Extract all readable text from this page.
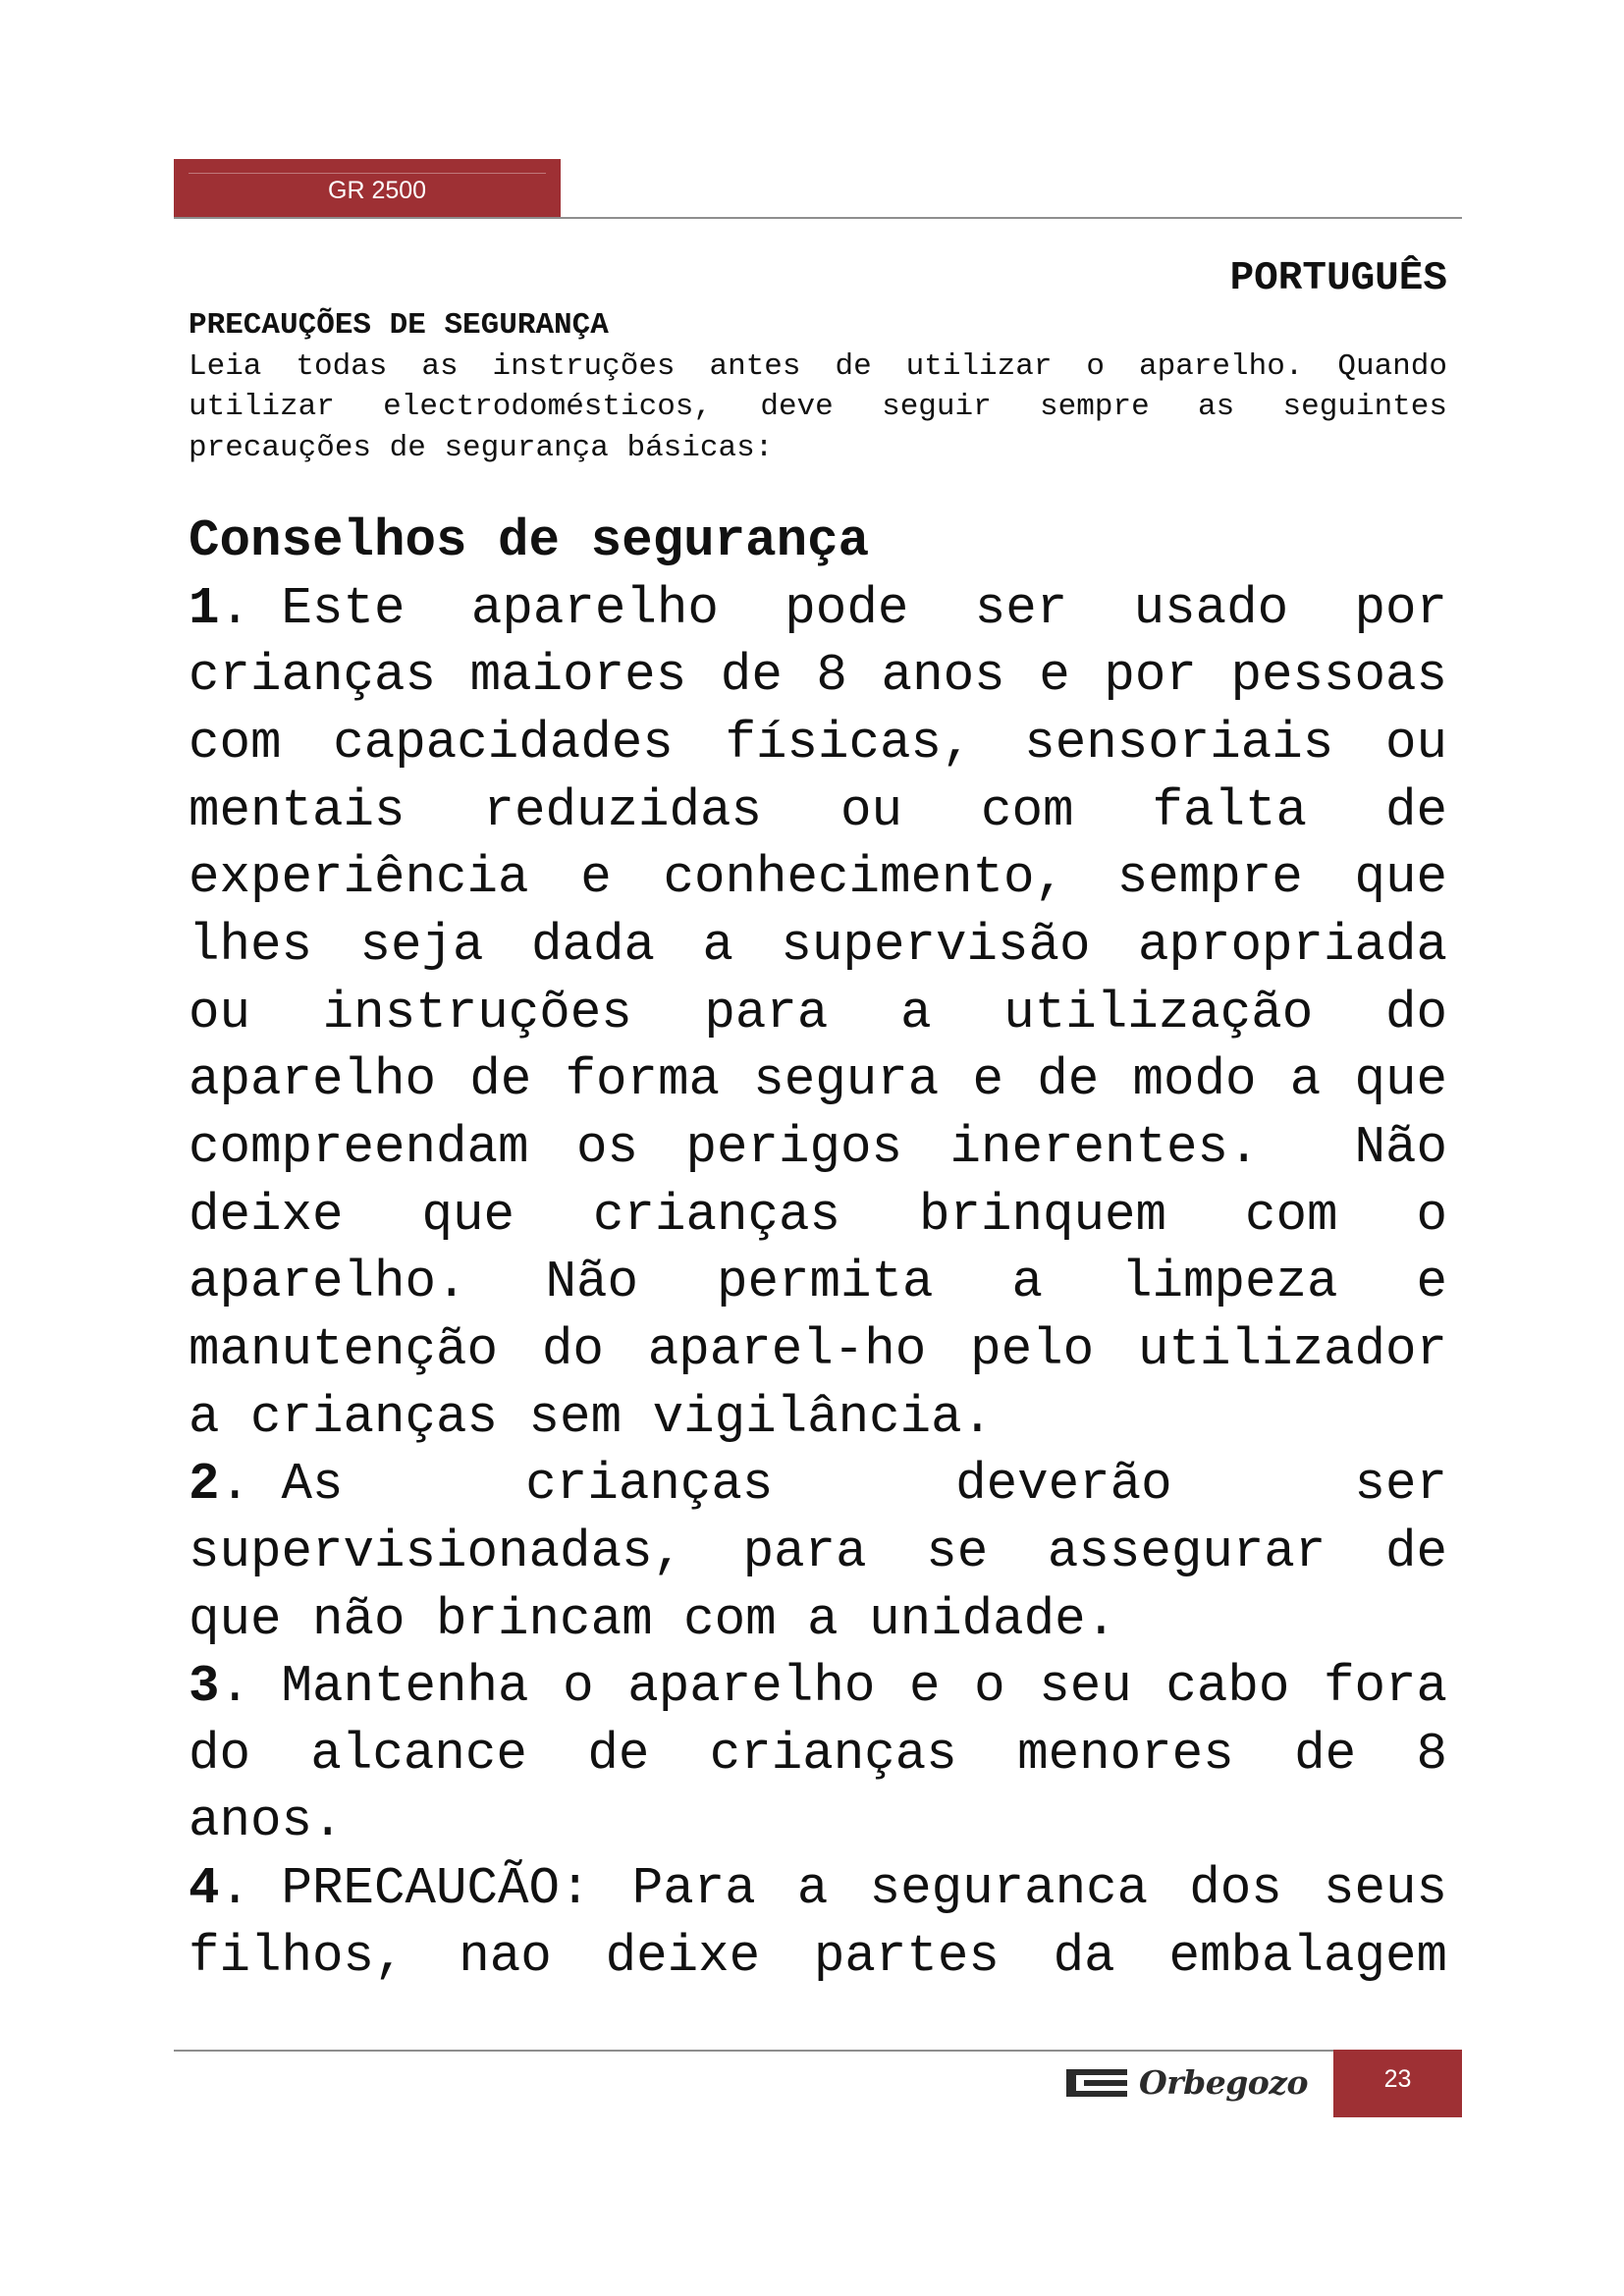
GR 2500
PORTUGUÊS
PRECAUÇÕES DE SEGURANÇA
Leia todas as instruções antes de utilizar o aparelho. Quando
utilizar electrodomésticos, deve seguir sempre as seguintes
precauções de segurança básicas:
Conselhos de segurança
1. Este aparelho pode ser usado por
crianças maiores de 8 anos e por pessoas
com capacidades físicas, sensoriais ou
mentais reduzidas ou com falta de
experiência e conhecimento, sempre que
lhes seja dada a supervisão apropriada
ou instruções para a utilização do
aparelho de forma segura e de modo a que
compreendam os perigos inerentes.  Não
deixe que crianças brinquem com o
aparelho. Não permita a limpeza e
manutenção do aparel-ho pelo utilizador
a crianças sem vigilância.
2. As crianças deverão ser
supervisionadas, para se assegurar de
que não brincam com a unidade.
3. Mantenha o aparelho e o seu cabo fora
do alcance de crianças menores de 8
anos.
4. PRECAUCÃO: Para a seguranca dos seus
filhos, nao deixe partes da embalagem
Orbegozo	23
